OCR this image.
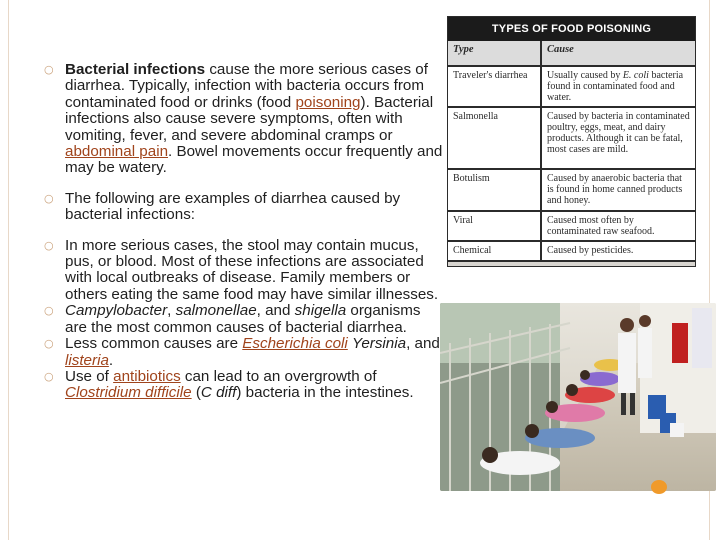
○ Bacterial infections cause the more serious cases of diarrhea. Typically, infection with bacteria occurs from contaminated food or drinks (food poisoning). Bacterial infections also cause severe symptoms, often with vomiting, fever, and severe abdominal cramps or abdominal pain. Bowel movements occur frequently and may be watery.
○ The following are examples of diarrhea caused by bacterial infections:
○ In more serious cases, the stool may contain mucus, pus, or blood. Most of these infections are associated with local outbreaks of disease. Family members or others eating the same food may have similar illnesses.
○ Campylobacter, salmonellae, and shigella organisms are the most common causes of bacterial diarrhea.
○ Less common causes are Escherichia coli Yersinia, and listeria.
○ Use of antibiotics can lead to an overgrowth of Clostridium difficile (C diff) bacteria in the intestines.
TYPES OF FOOD POISONING
Type	Cause
Traveler's diarrhea	Usually caused by E. coli bacteria found in contaminated food and water.
Salmonella	Caused by bacteria in contaminated poultry, eggs, meat, and dairy products. Although it can be fatal, most cases are mild.
Botulism	Caused by anaerobic bacteria that is found in home canned products and honey.
Viral	Caused most often by contaminated raw seafood.
Chemical	Caused by pesticides.
